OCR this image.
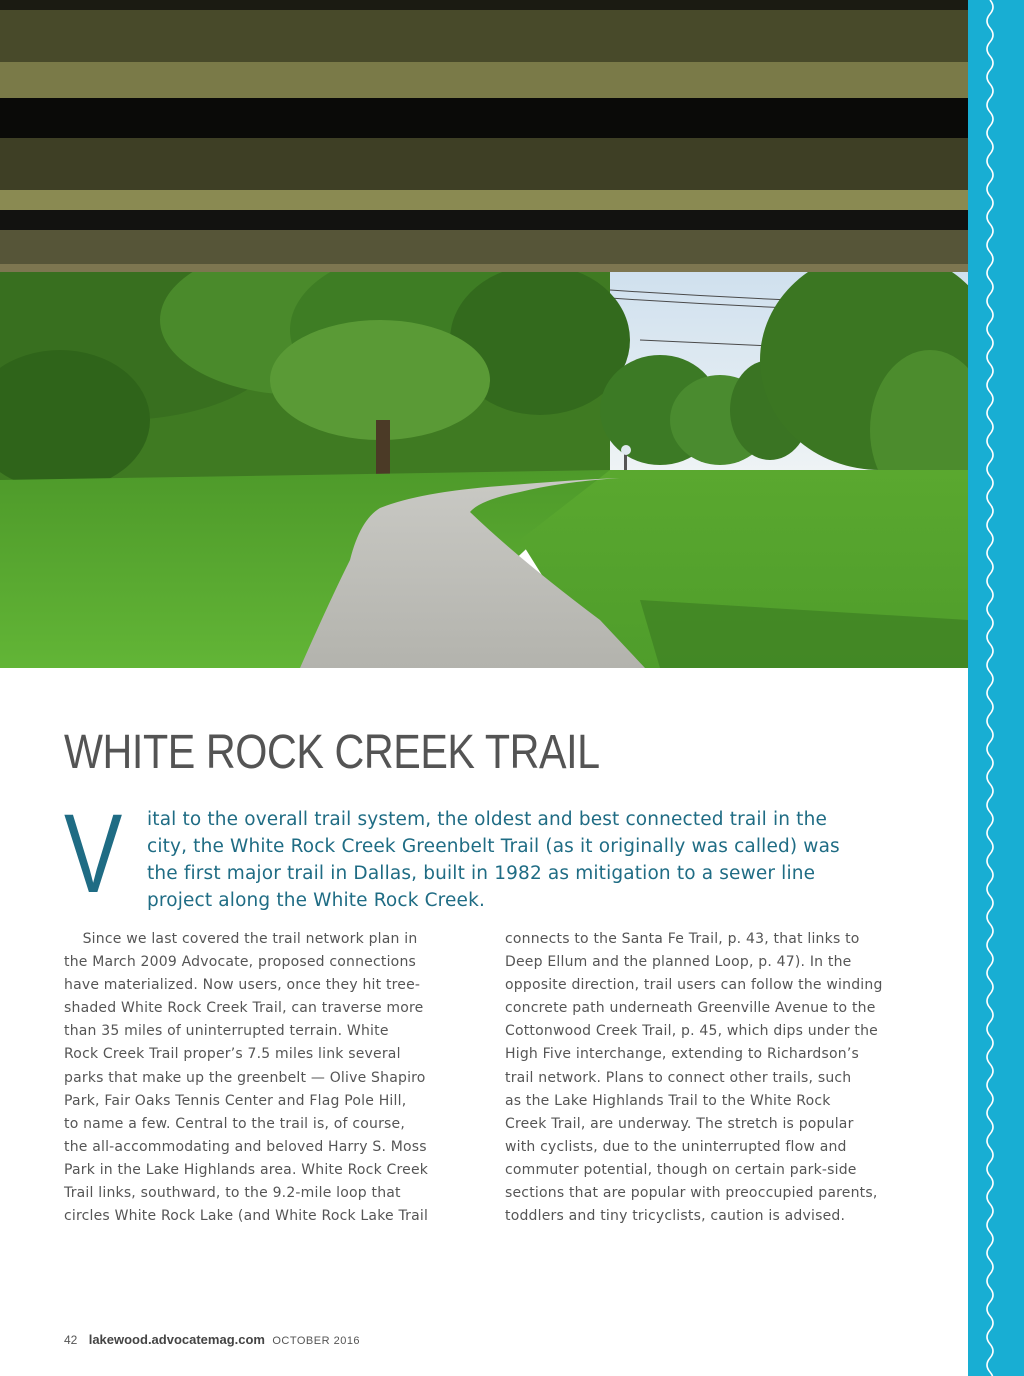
WHITE ROCK CREEK TRAIL
V ital to the overall trail system, the oldest and best connected trail in the
city, the White Rock Creek Greenbelt Trail (as it originally was called) was
the first major trail in Dallas, built in 1982 as mitigation to a sewer line
project along the White Rock Creek.

Since we last covered the trail network plan in
the March 2009 Advocate, proposed connections
have materialized. Now users, once they hit tree-
shaded White Rock Creek Trail, can traverse more
than 35 miles of uninterrupted terrain. White
Rock Creek Trail proper’s 7.5 miles link several
parks that make up the greenbelt — Olive Shapiro
Park, Fair Oaks Tennis Center and Flag Pole Hill,
to name a few. Central to the trail is, of course,
the all-accommodating and beloved Harry S. Moss
Park in the Lake Highlands area. White Rock Creek
Trail links, southward, to the 9.2-mile loop that
circles White Rock Lake (and White Rock Lake Trail

connects to the Santa Fe Trail, p. 43, that links to
Deep Ellum and the planned Loop, p. 47). In the
opposite direction, trail users can follow the winding
concrete path underneath Greenville Avenue to the
Cottonwood Creek Trail, p. 45, which dips under the
High Five interchange, extending to Richardson’s
trail network. Plans to connect other trails, such
as the Lake Highlands Trail to the White Rock
Creek Trail, are underway. The stretch is popular
with cyclists, due to the uninterrupted flow and
commuter potential, though on certain park-side
sections that are popular with preoccupied parents,
toddlers and tiny tricyclists, caution is advised.

42 lakewood.advocatemag.com OCTOBER 2016
